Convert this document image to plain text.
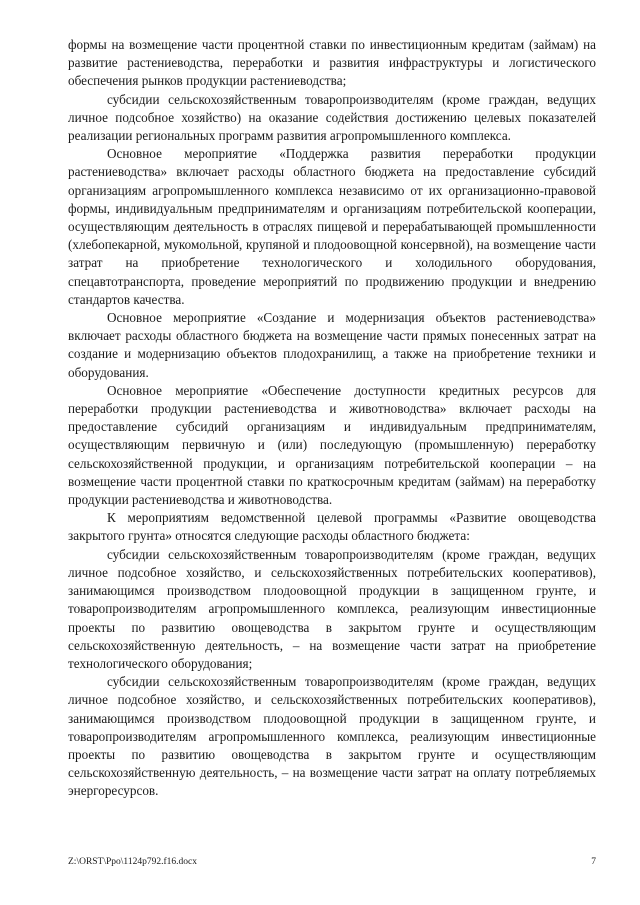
формы на возмещение части процентной ставки по инвестиционным кредитам (займам) на развитие растениеводства, переработки и развития инфраструктуры и логистического обеспечения рынков продукции растениеводства;

субсидии сельскохозяйственным товаропроизводителям (кроме граждан, ведущих личное подсобное хозяйство) на оказание содействия достижению целевых показателей реализации региональных программ развития агропромышленного комплекса.

Основное мероприятие «Поддержка развития переработки продукции растениеводства» включает расходы областного бюджета на предоставление субсидий организациям агропромышленного комплекса независимо от их организационно-правовой формы, индивидуальным предпринимателям и организациям потребительской кооперации, осуществляющим деятельность в отраслях пищевой и перерабатывающей промышленности (хлебопекарной, мукомольной, крупяной и плодоовощной консервной), на возмещение части затрат на приобретение технологического и холодильного оборудования, спецавтотранспорта, проведение мероприятий по продвижению продукции и внедрению стандартов качества.

Основное мероприятие «Создание и модернизация объектов растениеводства» включает расходы областного бюджета на возмещение части прямых понесенных затрат на создание и модернизацию объектов плодохранилищ, а также на приобретение техники и оборудования.

Основное мероприятие «Обеспечение доступности кредитных ресурсов для переработки продукции растениеводства и животноводства» включает расходы на предоставление субсидий организациям и индивидуальным предпринимателям, осуществляющим первичную и (или) последующую (промышленную) переработку сельскохозяйственной продукции, и организациям потребительской кооперации – на возмещение части процентной ставки по краткосрочным кредитам (займам) на переработку продукции растениеводства и животноводства.

К мероприятиям ведомственной целевой программы «Развитие овощеводства закрытого грунта» относятся следующие расходы областного бюджета:

субсидии сельскохозяйственным товаропроизводителям (кроме граждан, ведущих личное подсобное хозяйство, и сельскохозяйственных потребительских кооперативов), занимающимся производством плодоовощной продукции в защищенном грунте, и товаропроизводителям агропромышленного комплекса, реализующим инвестиционные проекты по развитию овощеводства в закрытом грунте и осуществляющим сельскохозяйственную деятельность, – на возмещение части затрат на приобретение технологического оборудования;

субсидии сельскохозяйственным товаропроизводителям (кроме граждан, ведущих личное подсобное хозяйство, и сельскохозяйственных потребительских кооперативов), занимающимся производством плодоовощной продукции в защищенном грунте, и товаропроизводителям агропромышленного комплекса, реализующим инвестиционные проекты по развитию овощеводства в закрытом грунте и осуществляющим сельскохозяйственную деятельность, – на возмещение части затрат на оплату потребляемых энергоресурсов.

Z:\ORST\Ppo\1124p792.f16.docx	7
